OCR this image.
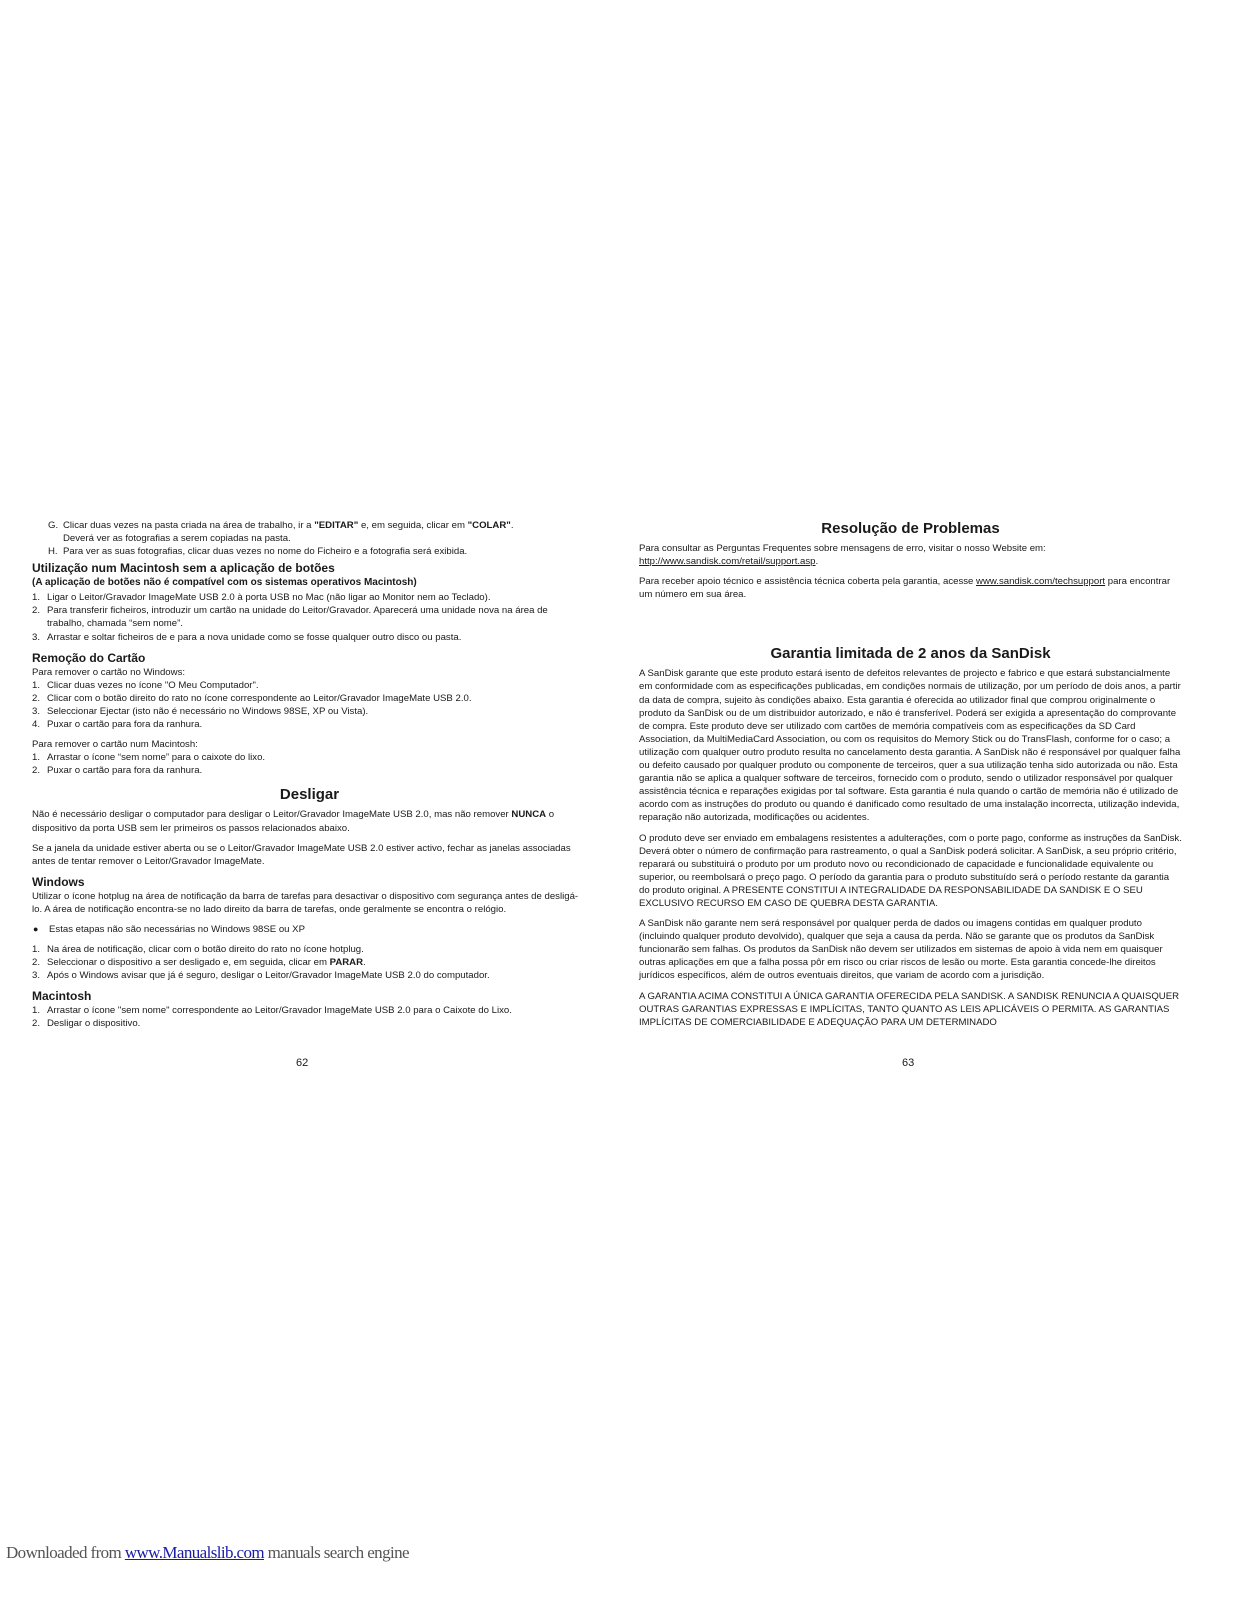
G. Clicar duas vezes na pasta criada na área de trabalho, ir a "EDITAR" e, em seguida, clicar em "COLAR".
Deverá ver as fotografias a serem copiadas na pasta.
H. Para ver as suas fotografias, clicar duas vezes no nome do Ficheiro e a fotografia será exibida.
Utilização num Macintosh sem a aplicação de botões
(A aplicação de botões não é compatível com os sistemas operativos Macintosh)
1. Ligar o Leitor/Gravador ImageMate USB 2.0 à porta USB no Mac (não ligar ao Monitor nem ao Teclado).
2. Para transferir ficheiros, introduzir um cartão na unidade do Leitor/Gravador. Aparecerá uma unidade nova na área de trabalho, chamada “sem nome”.
3. Arrastar e soltar ficheiros de e para a nova unidade como se fosse qualquer outro disco ou pasta.
Remoção do Cartão
Para remover o cartão no Windows:
1. Clicar duas vezes no ícone "O Meu Computador".
2. Clicar com o botão direito do rato no ícone correspondente ao Leitor/Gravador ImageMate USB 2.0.
3. Seleccionar Ejectar (isto não é necessário no Windows 98SE, XP ou Vista).
4. Puxar o cartão para fora da ranhura.
Para remover o cartão num Macintosh:
1. Arrastar o ícone “sem nome” para o caixote do lixo.
2. Puxar o cartão para fora da ranhura.
Desligar

Não é necessário desligar o computador para desligar o Leitor/Gravador ImageMate USB 2.0, mas não remover NUNCA o dispositivo da porta USB sem ler primeiros os passos relacionados abaixo.

Se a janela da unidade estiver aberta ou se o Leitor/Gravador ImageMate USB 2.0 estiver activo, fechar as janelas associadas antes de tentar remover o Leitor/Gravador ImageMate.

Windows

Utilizar o ícone hotplug na área de notificação da barra de tarefas para desactivar o dispositivo com segurança antes de desligá-lo. A área de notificação encontra-se no lado direito da barra de tarefas, onde geralmente se encontra o relógio.

●	Estas etapas não são necessárias no Windows 98SE ou XP
1. Na área de notificação, clicar com o botão direito do rato no ícone hotplug.
2. Seleccionar o dispositivo a ser desligado e, em seguida, clicar em PARAR.
3. Após o Windows avisar que já é seguro, desligar o Leitor/Gravador ImageMate USB 2.0 do computador.
Macintosh
1. Arrastar o ícone "sem nome" correspondente ao Leitor/Gravador ImageMate USB 2.0 para o Caixote do Lixo.
2. Desligar o dispositivo.
Resolução de Problemas

Para consultar as Perguntas Frequentes sobre mensagens de erro, visitar o nosso Website em: http://www.sandisk.com/retail/support.asp.

Para receber apoio técnico e assistência técnica coberta pela garantia, acesse www.sandisk.com/techsupport para encontrar um número em sua área.

Garantia limitada de 2 anos da SanDisk

A SanDisk garante que este produto estará isento de defeitos relevantes de projecto e fabrico e que estará substancialmente em conformidade com as especificações publicadas, em condições normais de utilização, por um período de dois anos, a partir da data de compra, sujeito às condições abaixo. Esta garantia é oferecida ao utilizador final que comprou originalmente o produto da SanDisk ou de um distribuidor autorizado, e não é transferível. Poderá ser exigida a apresentação do comprovante de compra. Este produto deve ser utilizado com cartões de memória compatíveis com as especificações da SD Card Association, da MultiMediaCard Association, ou com os requisitos do Memory Stick ou do TransFlash, conforme for o caso; a utilização com qualquer outro produto resulta no cancelamento desta garantia. A SanDisk não é responsável por qualquer falha ou defeito causado por qualquer produto ou componente de terceiros, quer a sua utilização tenha sido autorizada ou não. Esta garantia não se aplica a qualquer software de terceiros, fornecido com o produto, sendo o utilizador responsável por qualquer assistência técnica e reparações exigidas por tal software. Esta garantia é nula quando o cartão de memória não é utilizado de acordo com as instruções do produto ou quando é danificado como resultado de uma instalação incorrecta, utilização indevida, reparação não autorizada, modificações ou acidentes.

O produto deve ser enviado em embalagens resistentes a adulterações, com o porte pago, conforme as instruções da SanDisk. Deverá obter o número de confirmação para rastreamento, o qual a SanDisk poderá solicitar. A SanDisk, a seu próprio critério, reparará ou substituirá o produto por um produto novo ou recondicionado de capacidade e funcionalidade equivalente ou superior, ou reembolsará o preço pago. O período da garantia para o produto substituído será o período restante da garantia do produto original. A PRESENTE CONSTITUI A INTEGRALIDADE DA RESPONSABILIDADE DA SANDISK E O SEU EXCLUSIVO RECURSO EM CASO DE QUEBRA DESTA GARANTIA.

A SanDisk não garante nem será responsável por qualquer perda de dados ou imagens contidas em qualquer produto (incluindo qualquer produto devolvido), qualquer que seja a causa da perda. Não se garante que os produtos da SanDisk funcionarão sem falhas. Os produtos da SanDisk não devem ser utilizados em sistemas de apoio à vida nem em quaisquer outras aplicações em que a falha possa pôr em risco ou criar riscos de lesão ou morte. Esta garantia concede-lhe direitos jurídicos específicos, além de outros eventuais direitos, que variam de acordo com a jurisdição.

A GARANTIA ACIMA CONSTITUI A ÚNICA GARANTIA OFERECIDA PELA SANDISK. A SANDISK RENUNCIA A QUAISQUER OUTRAS GARANTIAS EXPRESSAS E IMPLÍCITAS, TANTO QUANTO AS LEIS APLICÁVEIS O PERMITA. AS GARANTIAS IMPLÍCITAS DE COMERCIABILIDADE E ADEQUAÇÃO PARA UM DETERMINADO

62	63
Downloaded from www.Manualslib.com manuals search engine
